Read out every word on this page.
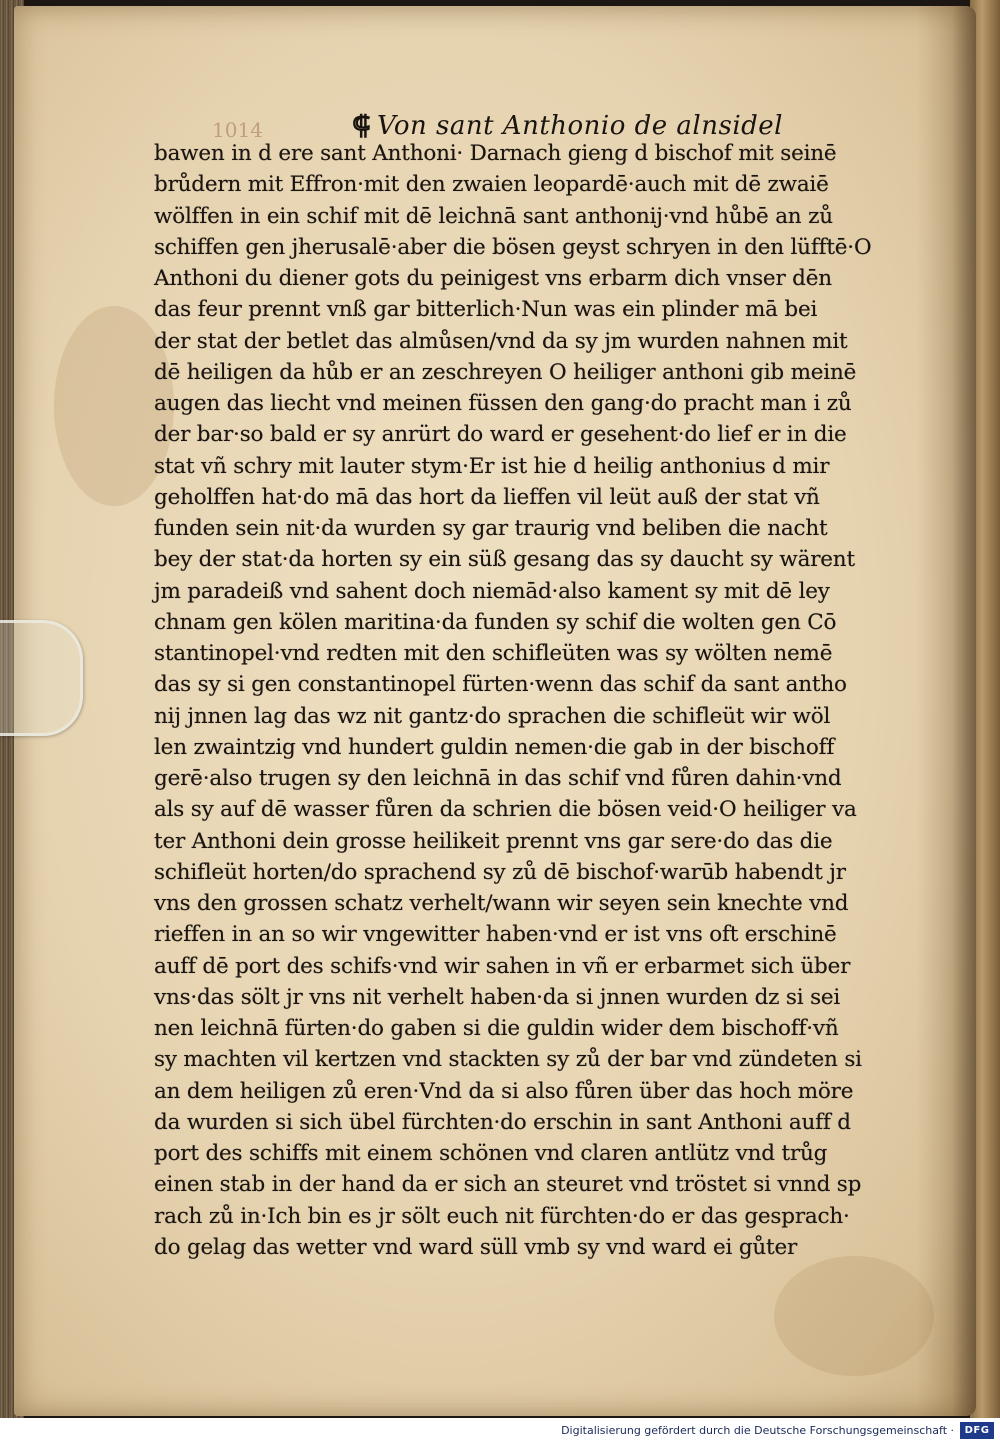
1014	⸿ Von sant Anthonio de alnsidel
bawen in d ere sant Anthoni· Darnach gieng d bischof mit seinē
brůdern mit Effron·mit den zwaien leopardē·auch mit dē zwaiē
wölffen in ein schif mit dē leichnā sant anthonij·vnd hůbē an zů
schiffen gen jherusalē·aber die bösen geyst schryen in den lüfftē·O
Anthoni du diener gots du peinigest vns erbarm dich vnser dēn
das feur prennt vnß gar bitterlich·Nun was ein plinder mā bei
der stat der betlet das almůsen/vnd da sy jm wurden nahnen mit
dē heiligen da hůb er an zeschreyen O heiliger anthoni gib meinē
augen das liecht vnd meinen füssen den gang·do pracht man i zů
der bar·so bald er sy anrürt do ward er gesehent·do lief er in die
stat vñ schry mit lauter stym·Er ist hie d heilig anthonius d mir
geholffen hat·do mā das hort da lieffen vil leüt auß der stat vñ
funden sein nit·da wurden sy gar traurig vnd beliben die nacht
bey der stat·da horten sy ein süß gesang das sy daucht sy wärent
jm paradeiß vnd sahent doch niemād·also kament sy mit dē ley
chnam gen kölen maritina·da funden sy schif die wolten gen Cō
stantinopel·vnd redten mit den schifleüten was sy wölten nemē
das sy si gen constantinopel fürten·wenn das schif da sant antho
nij jnnen lag das wz nit gantz·do sprachen die schifleüt wir wöl
len zwaintzig vnd hundert guldin nemen·die gab in der bischoff
gerē·also trugen sy den leichnā in das schif vnd fůren dahin·vnd
als sy auf dē wasser fůren da schrien die bösen veid·O heiliger va
ter Anthoni dein grosse heilikeit prennt vns gar sere·do das die
schifleüt horten/do sprachend sy zů dē bischof·warūb habendt jr
vns den grossen schatz verhelt/wann wir seyen sein knechte vnd
rieffen in an so wir vngewitter haben·vnd er ist vns oft erschinē
auff dē port des schifs·vnd wir sahen in vñ er erbarmet sich über
vns·das sölt jr vns nit verhelt haben·da si jnnen wurden dz si sei
nen leichnā fürten·do gaben si die guldin wider dem bischoff·vñ
sy machten vil kertzen vnd stackten sy zů der bar vnd zündeten si
an dem heiligen zů eren·Vnd da si also fůren über das hoch möre
da wurden si sich übel fürchten·do erschin in sant Anthoni auff d
port des schiffs mit einem schönen vnd claren antlütz vnd trůg
einen stab in der hand da er sich an steuret vnd tröstet si vnnd sp
rach zů in·Ich bin es jr sölt euch nit fürchten·do er das gesprach·
do gelag das wetter vnd ward süll vmb sy vnd ward ei gůter
Digitalisierung gefördert durch die Deutsche Forschungsgemeinschaft ·	DFG
